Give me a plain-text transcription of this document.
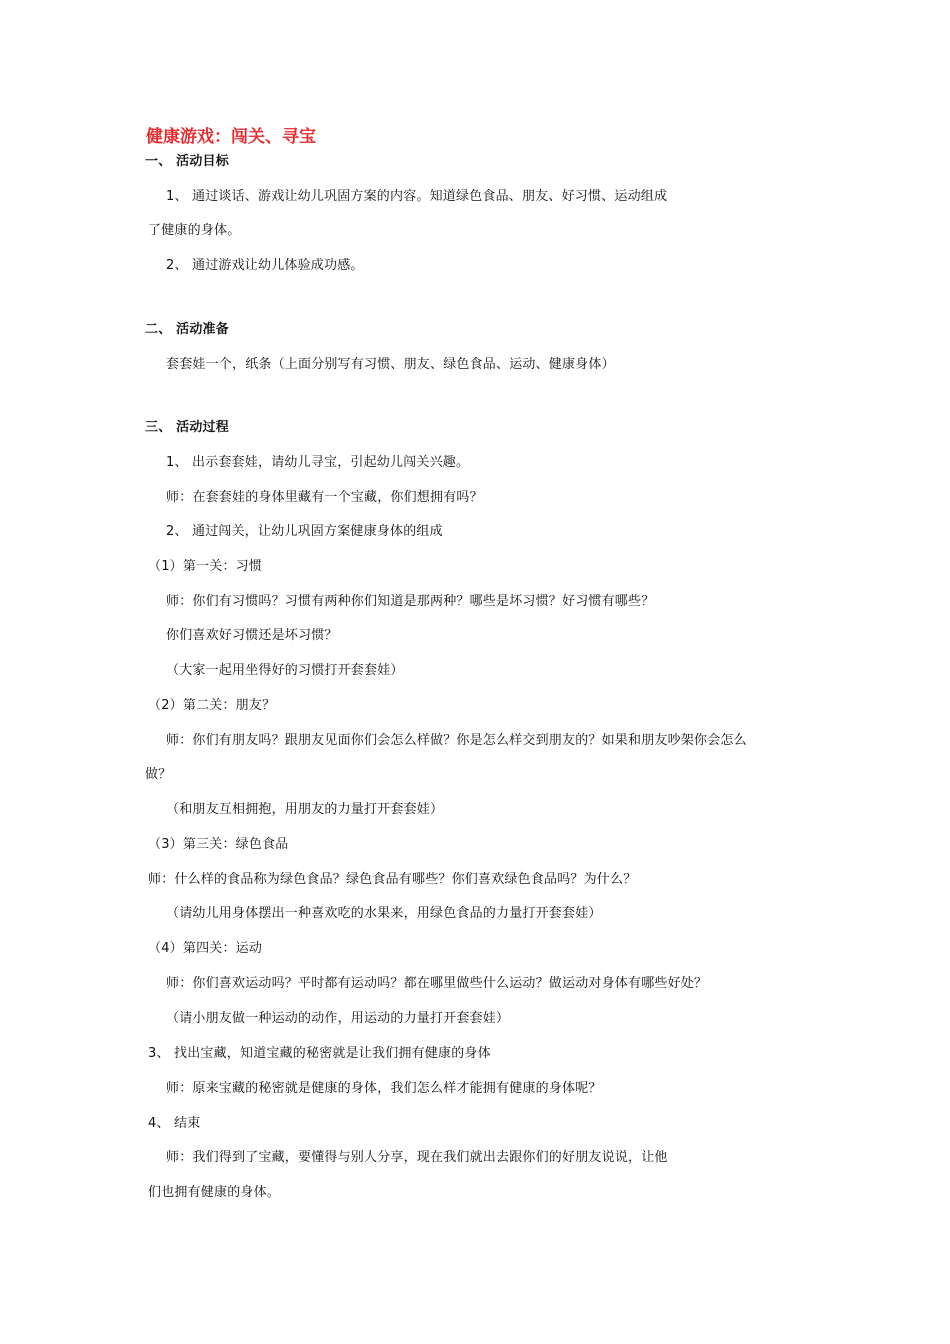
健康游戏：闯关、寻宝

一、 活动目标

1、 通过谈话、游戏让幼儿巩固方案的内容。知道绿色食品、朋友、好习惯、运动组成

了健康的身体。

2、 通过游戏让幼儿体验成功感。

二、 活动准备

套套娃一个，纸条（上面分别写有习惯、朋友、绿色食品、运动、健康身体）

三、 活动过程

1、 出示套套娃，请幼儿寻宝，引起幼儿闯关兴趣。

师：在套套娃的身体里藏有一个宝藏，你们想拥有吗？

2、 通过闯关，让幼儿巩固方案健康身体的组成

（1）第一关：习惯

师：你们有习惯吗？习惯有两种你们知道是那两种？哪些是坏习惯？好习惯有哪些？

你们喜欢好习惯还是坏习惯？

（大家一起用坐得好的习惯打开套套娃）

（2）第二关：朋友？

师：你们有朋友吗？跟朋友见面你们会怎么样做？你是怎么样交到朋友的？如果和朋友吵架你会怎么

做？

（和朋友互相拥抱，用朋友的力量打开套套娃）

（3）第三关：绿色食品

师：什么样的食品称为绿色食品？绿色食品有哪些？你们喜欢绿色食品吗？为什么？

（请幼儿用身体摆出一种喜欢吃的水果来，用绿色食品的力量打开套套娃）

（4）第四关：运动

师：你们喜欢运动吗？平时都有运动吗？都在哪里做些什么运动？做运动对身体有哪些好处？

（请小朋友做一种运动的动作，用运动的力量打开套套娃）

3、 找出宝藏，知道宝藏的秘密就是让我们拥有健康的身体

师：原来宝藏的秘密就是健康的身体，我们怎么样才能拥有健康的身体呢？

4、 结束

师：我们得到了宝藏，要懂得与别人分享，现在我们就出去跟你们的好朋友说说，让他

们也拥有健康的身体。
